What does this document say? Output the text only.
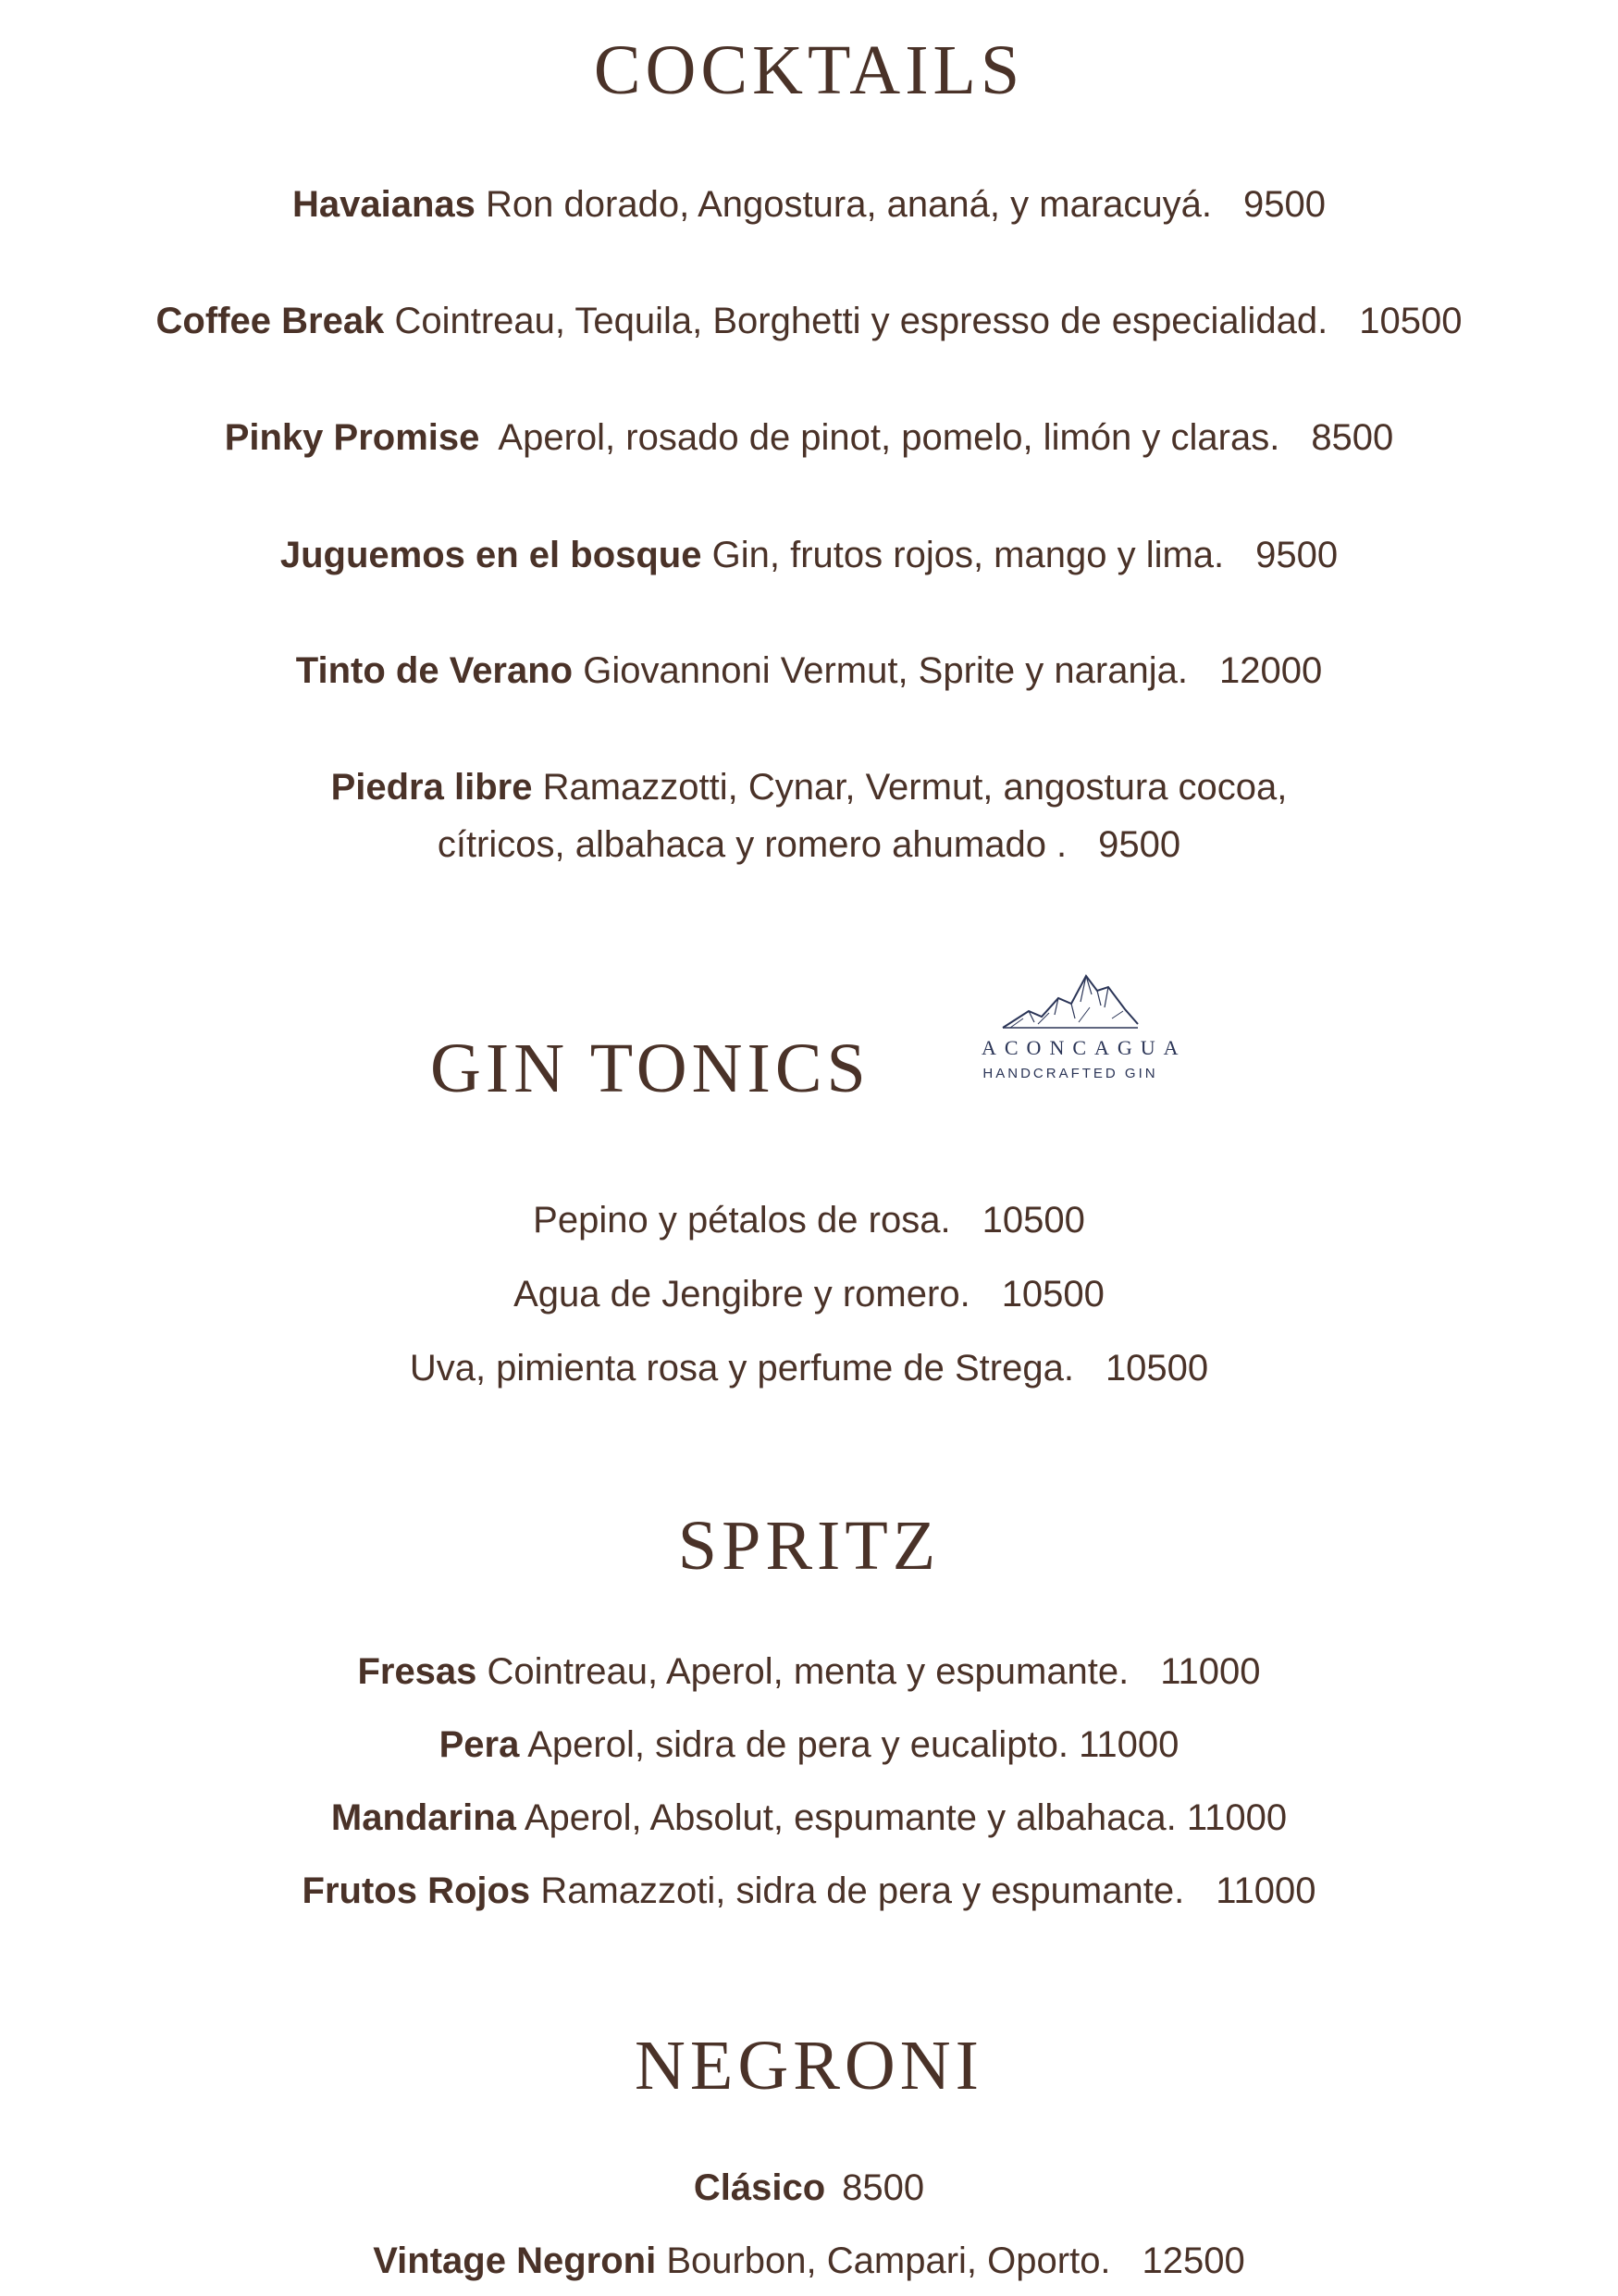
COCKTAILS
Havaianas Ron dorado, Angostura, ananá, y maracuyá. 9500
Coffee Break Cointreau, Tequila, Borghetti y espresso de especialidad. 10500
Pinky Promise Aperol, rosado de pinot, pomelo, limón y claras. 8500
Juguemos en el bosque Gin, frutos rojos, mango y lima. 9500
Tinto de Verano Giovannoni Vermut, Sprite y naranja. 12000
Piedra libre Ramazzotti, Cynar, Vermut, angostura cocoa,
cítricos, albahaca y romero ahumado . 9500
GIN TONICS	ACONCAGUA
HANDCRAFTED GIN
Pepino y pétalos de rosa. 10500
Agua de Jengibre y romero. 10500
Uva, pimienta rosa y perfume de Strega. 10500
SPRITZ
Fresas Cointreau, Aperol, menta y espumante. 11000
Pera Aperol, sidra de pera y eucalipto. 11000
Mandarina Aperol, Absolut, espumante y albahaca. 11000
Frutos Rojos Ramazzoti, sidra de pera y espumante. 11000
NEGRONI
Clásico 8500
Vintage Negroni Bourbon, Campari, Oporto. 12500
